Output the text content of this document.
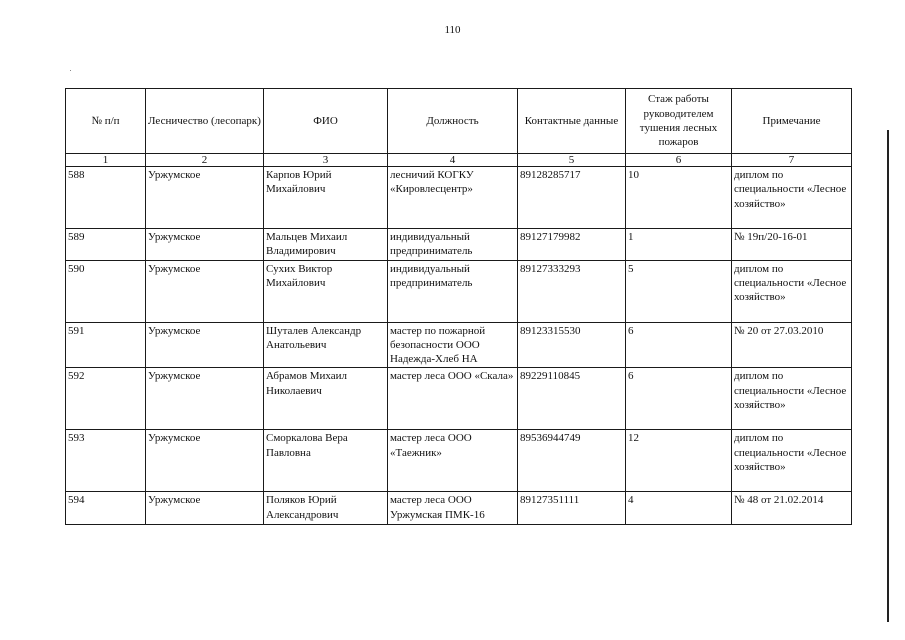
110
№ п/п	Лесничество (лесопарк)	ФИО	Должность	Контактные данные	Стаж работы руководителем тушения лесных пожаров	Примечание
1	2	3	4	5	6	7
588	Уржумское	Карпов Юрий Михайлович	лесничий КОГКУ «Кировлесцентр»	89128285717	10	диплом по специальности «Лесное хозяйство»
589	Уржумское	Мальцев Михаил Владимирович	индивидуальный предприниматель	89127179982	1	№ 19п/20-16-01
590	Уржумское	Сухих Виктор Михайлович	индивидуальный предприниматель	89127333293	5	диплом по специальности «Лесное хозяйство»
591	Уржумское	Шуталев Александр Анатольевич	мастер по пожарной безопасности ООО Надежда-Хлеб НА	89123315530	6	№ 20 от 27.03.2010
592	Уржумское	Абрамов Михаил Николаевич	мастер леса ООО «Скала»	89229110845	6	диплом по специальности «Лесное хозяйство»
593	Уржумское	Сморкалова Вера Павловна	мастер леса ООО «Таежник»	89536944749	12	диплом по специальности «Лесное хозяйство»
594	Уржумское	Поляков Юрий Александрович	мастер леса ООО Уржумская ПМК-16	89127351111	4	№ 48 от 21.02.2014
